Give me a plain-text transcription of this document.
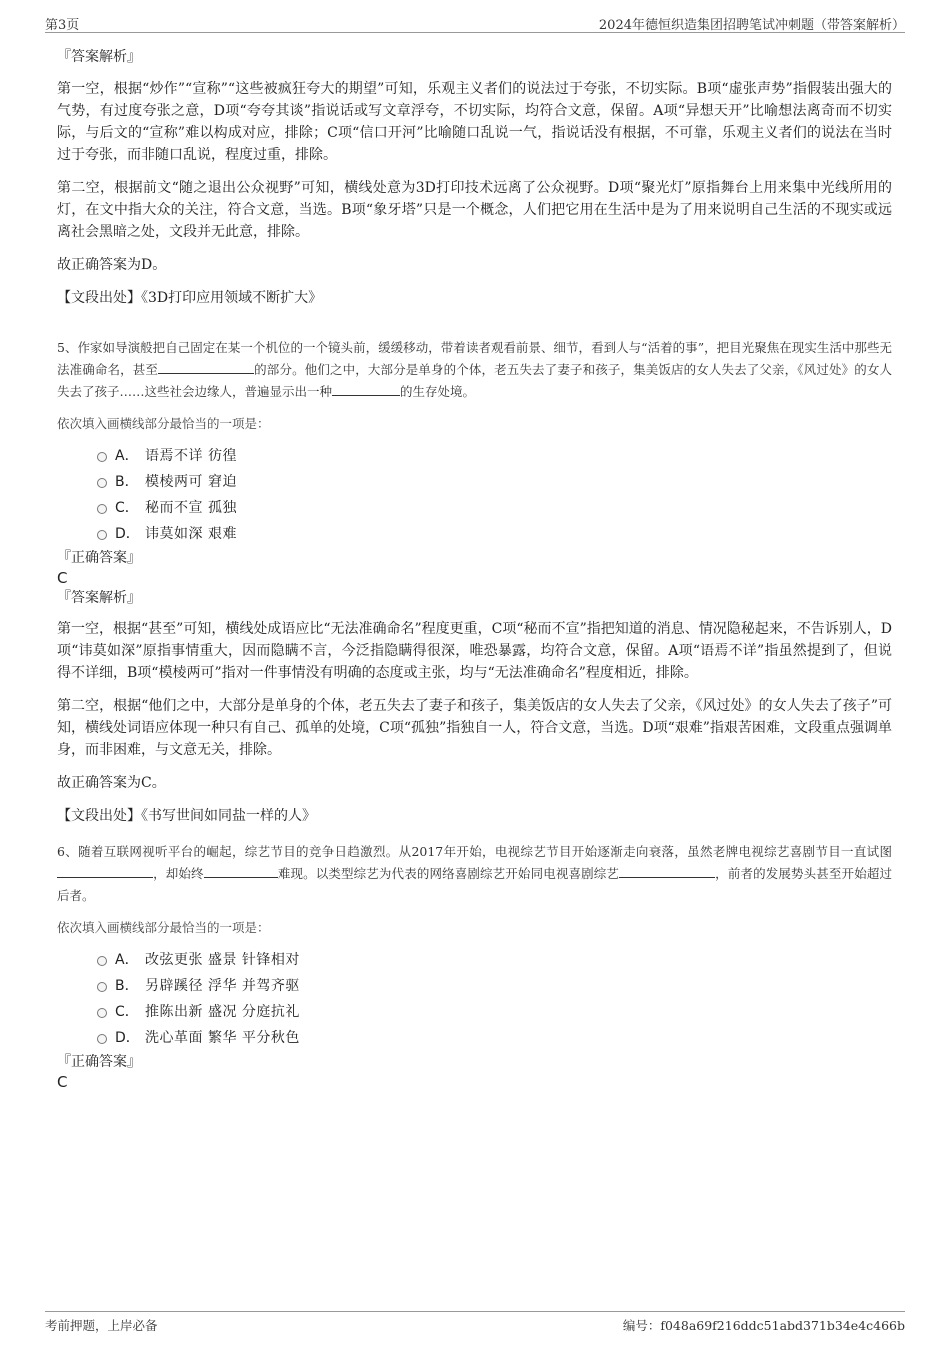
第3页	2024年德恒织造集团招聘笔试冲刺题（带答案解析）
『答案解析』

第一空，根据“炒作”“宣称”“这些被疯狂夸大的期望”可知，乐观主义者们的说法过于夸张，不切实际。B项“虚张声势”指假装出强大的气势，有过度夸张之意，D项“夸夸其谈”指说话或写文章浮夸，不切实际，均符合文意，保留。A项“异想天开”比喻想法离奇而不切实际，与后文的“宣称”难以构成对应，排除；C项“信口开河”比喻随口乱说一气，指说话没有根据，不可靠，乐观主义者们的说法在当时过于夸张，而非随口乱说，程度过重，排除。

第二空，根据前文“随之退出公众视野”可知，横线处意为3D打印技术远离了公众视野。D项“聚光灯”原指舞台上用来集中光线所用的灯，在文中指大众的关注，符合文意，当选。B项“象牙塔”只是一个概念，人们把它用在生活中是为了用来说明自己生活的不现实或远离社会黑暗之处，文段并无此意，排除。

故正确答案为D。

【文段出处】《3D打印应用领域不断扩大》

5、作家如导演般把自己固定在某一个机位的一个镜头前，缓缓移动，带着读者观看前景、细节，看到人与“活着的事”，把目光聚焦在现实生活中那些无法准确命名，甚至	的部分。他们之中，大部分是单身的个体，老五失去了妻子和孩子，集美饭店的女人失去了父亲，《风过处》的女人失去了孩子……这些社会边缘人，普遍显示出一种	的生存处境。

依次填入画横线部分最恰当的一项是：
A． 语焉不详 彷徨
B． 模棱两可 窘迫
C． 秘而不宣 孤独
D． 讳莫如深 艰难
『正确答案』
C
『答案解析』

第一空，根据“甚至”可知，横线处成语应比“无法准确命名”程度更重，C项“秘而不宣”指把知道的消息、情况隐秘起来，不告诉别人，D项“讳莫如深”原指事情重大，因而隐瞒不言，今泛指隐瞒得很深，唯恐暴露，均符合文意，保留。A项“语焉不详”指虽然提到了，但说得不详细，B项“模棱两可”指对一件事情没有明确的态度或主张，均与“无法准确命名”程度相近，排除。

第二空，根据“他们之中，大部分是单身的个体，老五失去了妻子和孩子，集美饭店的女人失去了父亲，《风过处》的女人失去了孩子”可知，横线处词语应体现一种只有自己、孤单的处境，C项“孤独”指独自一人，符合文意，当选。D项“艰难”指艰苦困难，文段重点强调单身，而非困难，与文意无关，排除。

故正确答案为C。

【文段出处】《书写世间如同盐一样的人》

6、随着互联网视听平台的崛起，综艺节目的竞争日趋激烈。从2017年开始，电视综艺节目开始逐渐走向衰落，虽然老牌电视综艺喜剧节目一直试图，却始终	难现。以类型综艺为代表的网络喜剧综艺开始同电视喜剧综艺	，前者的发展势头甚至开始超过后者。

依次填入画横线部分最恰当的一项是：
A． 改弦更张 盛景 针锋相对
B． 另辟蹊径 浮华 并驾齐驱
C． 推陈出新 盛况 分庭抗礼
D． 洗心革面 繁华 平分秋色
『正确答案』
C
考前押题，上岸必备	编号：f048a69f216ddc51abd371b34e4c466b
